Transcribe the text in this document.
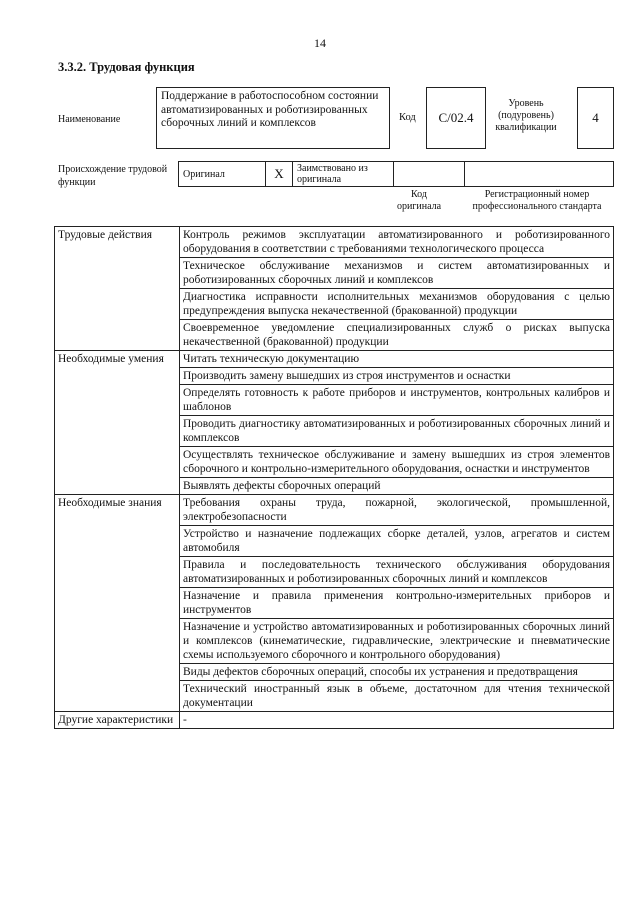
14
3.3.2. Трудовая функция
Наименование
Поддержание в работоспособном состоянии автоматизированных и роботизированных сборочных линий и комплексов	Код	С/02.4
Уровень (подуровень) квалификации
4
Происхождение трудовой функции
Оригинал	Х	Заимствовано из оригинала		
Код оригинала
Регистрационный номер профессионального стандарта
Трудовые действия	Контроль режимов эксплуатации автоматизированного и роботизированного оборудования в соответствии с требованиями технологического процесса
	Техническое обслуживание механизмов и систем автоматизированных и роботизированных сборочных линий и комплексов
	Диагностика исправности исполнительных механизмов оборудования с целью предупреждения выпуска некачественной (бракованной) продукции
	Своевременное уведомление специализированных служб о рисках выпуска некачественной (бракованной) продукции
Необходимые умения	Читать техническую документацию
	Производить замену вышедших из строя инструментов и оснастки
	Определять готовность к работе приборов и инструментов, контрольных калибров и шаблонов
	Проводить диагностику автоматизированных и роботизированных сборочных линий и комплексов
	Осуществлять техническое обслуживание и замену вышедших из строя элементов сборочного и контрольно-измерительного оборудования, оснастки и инструментов
	Выявлять дефекты сборочных операций
Необходимые знания	Требования охраны труда, пожарной, экологической, промышленной, электробезопасности
	Устройство и назначение подлежащих сборке деталей, узлов, агрегатов и систем автомобиля
	Правила и последовательность технического обслуживания оборудования автоматизированных и роботизированных сборочных линий и комплексов
	Назначение и правила применения контрольно-измерительных приборов и инструментов
	Назначение и устройство автоматизированных и роботизированных сборочных линий и комплексов (кинематические, гидравлические, электрические и пневматические схемы используемого сборочного и контрольного оборудования)
	Виды дефектов сборочных операций, способы их устранения и предотвращения
	Технический иностранный язык в объеме, достаточном для чтения технической документации
Другие характеристики	-
